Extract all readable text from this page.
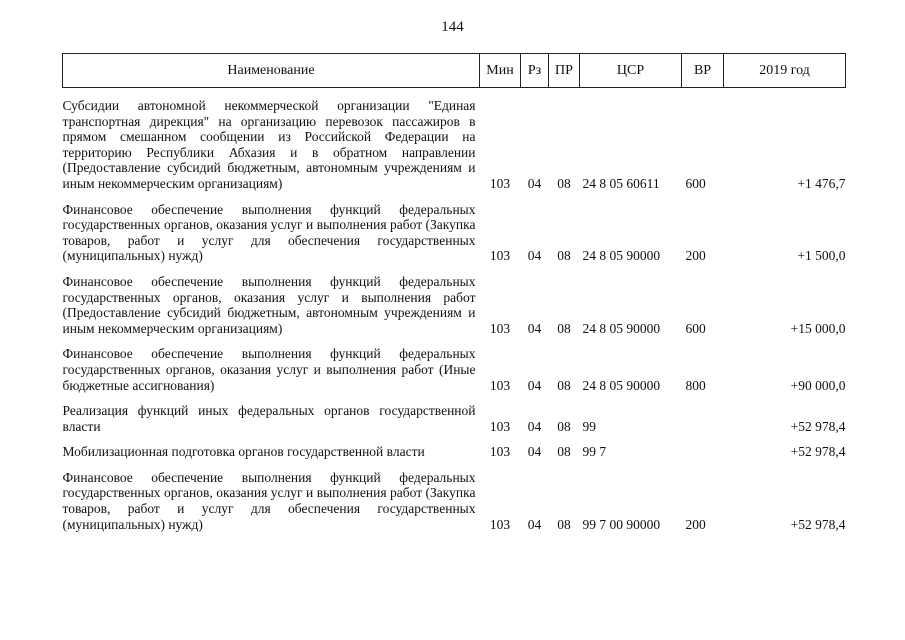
144
Наименование	Мин	Рз	ПР	ЦСР	ВР	2019 год

Субсидии автономной некоммерческой организации "Единая транспортная дирекция" на организацию перевозок пассажиров в прямом смешанном сообщении из Российской Федерации на территорию Республики Абхазия и в обратном направлении (Предоставление субсидий бюджетным, автономным учреждениям и иным некоммерческим организациям)	103	04	08	24 8 05 60611	600	+1 476,7

Финансовое обеспечение выполнения функций федеральных государственных органов, оказания услуг и выполнения работ (Закупка товаров, работ и услуг для обеспечения государственных (муниципальных) нужд)	103	04	08	24 8 05 90000	200	+1 500,0

Финансовое обеспечение выполнения функций федеральных государственных органов, оказания услуг и выполнения работ (Предоставление субсидий бюджетным, автономным учреждениям и иным некоммерческим организациям)	103	04	08	24 8 05 90000	600	+15 000,0

Финансовое обеспечение выполнения функций федеральных государственных органов, оказания услуг и выполнения работ (Иные бюджетные ассигнования)	103	04	08	24 8 05 90000	800	+90 000,0

Реализация функций иных федеральных органов государственной власти	103	04	08	99		+52 978,4

Мобилизационная подготовка органов государственной власти	103	04	08	99 7		+52 978,4

Финансовое обеспечение выполнения функций федеральных государственных органов, оказания услуг и выполнения работ (Закупка товаров, работ и услуг для обеспечения государственных (муниципальных) нужд)	103	04	08	99 7 00 90000	200	+52 978,4
